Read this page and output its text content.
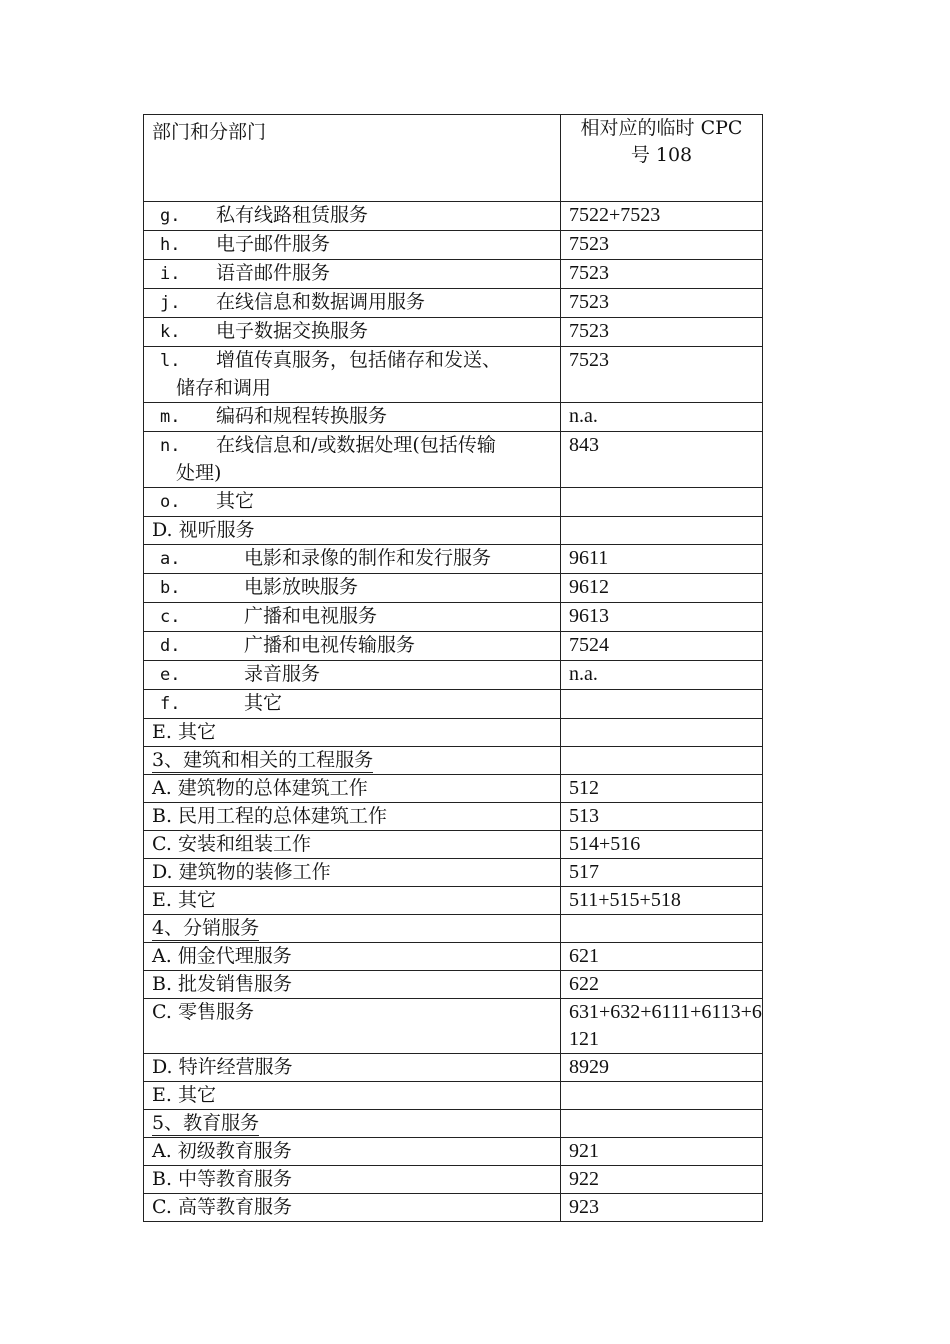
部门和分部门	相对应的临时 CPC
号 108
g. 私有线路租赁服务	7522+7523
h. 电子邮件服务	7523
i. 语音邮件服务	7523
j. 在线信息和数据调用服务	7523
k. 电子数据交换服务	7523
l. 增值传真服务，包括储存和发送、
储存和调用	7523
m. 编码和规程转换服务	n.a.
n. 在线信息和/或数据处理(包括传输
处理)	843
o. 其它	
D. 视听服务	
a. 电影和录像的制作和发行服务	9611
b. 电影放映服务	9612
c. 广播和电视服务	9613
d. 广播和电视传输服务	7524
e. 录音服务	n.a.
f. 其它	
E. 其它	
3、建筑和相关的工程服务	
A. 建筑物的总体建筑工作	512
B. 民用工程的总体建筑工作	513
C. 安装和组装工作	514+516
D. 建筑物的装修工作	517
E. 其它	511+515+518
4、分销服务	
A. 佣金代理服务	621
B. 批发销售服务	622
C. 零售服务	631+632+6111+6113+6121

D. 特许经营服务	8929
E. 其它	
5、教育服务	
A. 初级教育服务	921
B. 中等教育服务	922
C. 高等教育服务	923
